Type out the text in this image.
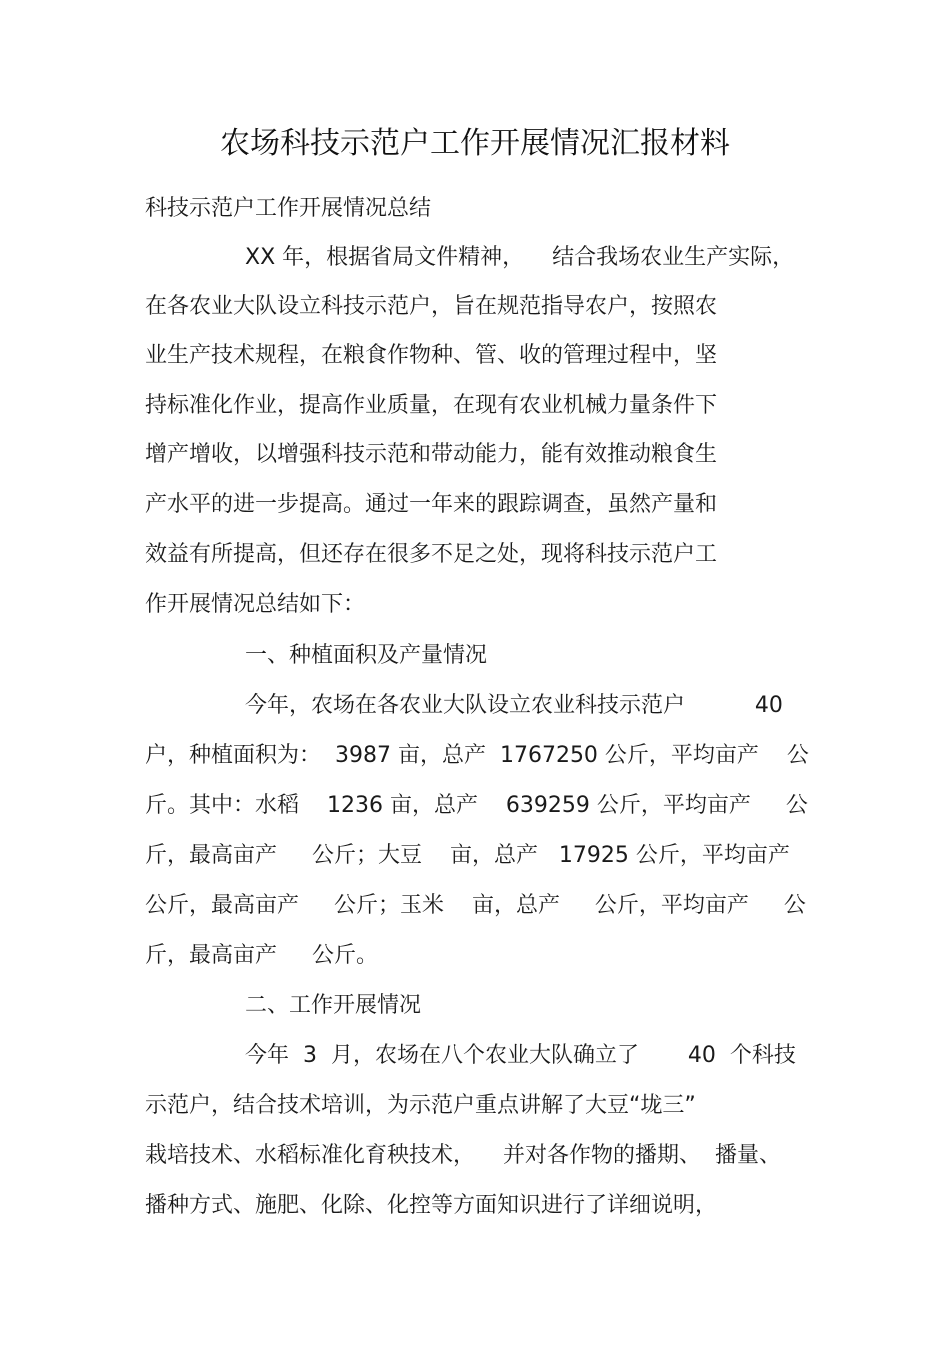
农场科技示范户工作开展情况汇报材料
科技示范户工作开展情况总结
XX 年，根据省局文件精神，    结合我场农业生产实际，
在各农业大队设立科技示范户，旨在规范指导农户，按照农
业生产技术规程，在粮食作物种、管、收的管理过程中，坚
持标准化作业，提高作业质量，在现有农业机械力量条件下
增产增收，以增强科技示范和带动能力，能有效推动粮食生
产水平的进一步提高。通过一年来的跟踪调查，虽然产量和
效益有所提高，但还存在很多不足之处，现将科技示范户工
作开展情况总结如下：
一、种植面积及产量情况
今年，农场在各农业大队设立农业科技示范户          40
户，种植面积为：  3987 亩，总产  1767250 公斤，平均亩产    公
斤。其中：水稻    1236 亩，总产    639259 公斤，平均亩产     公
斤，最高亩产     公斤；大豆    亩，总产   17925 公斤，平均亩产
公斤，最高亩产     公斤；玉米    亩，总产     公斤，平均亩产     公
斤，最高亩产     公斤。
二、工作开展情况
今年  3  月，农场在八个农业大队确立了       40  个科技
示范户，结合技术培训，为示范户重点讲解了大豆“垅三”
栽培技术、水稻标准化育秧技术，    并对各作物的播期、  播量、
播种方式、施肥、化除、化控等方面知识进行了详细说明，
